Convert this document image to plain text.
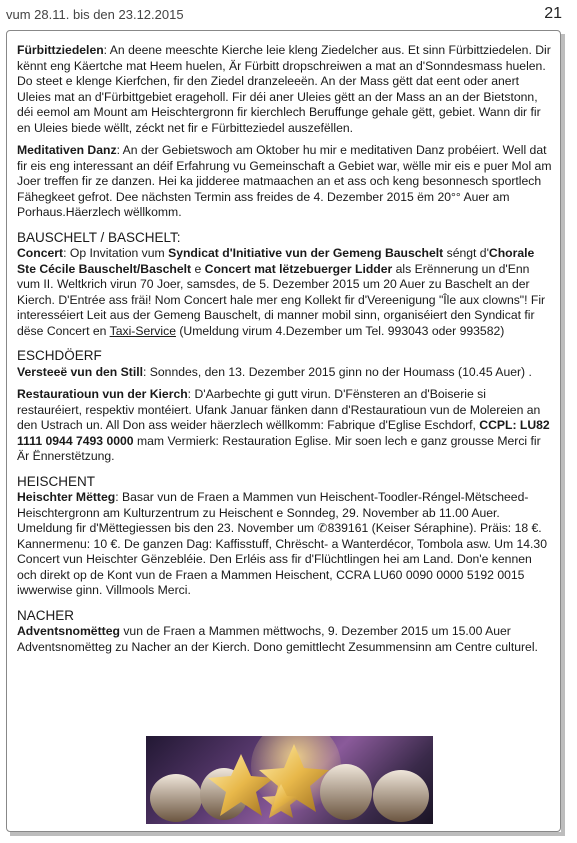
vum 28.11. bis den 23.12.2015	21

Fürbittziedelen: An deene meeschte Kierche leie kleng Ziedelcher aus. Et sinn Fürbittziedelen. Dir kënnt eng Käertche mat Heem huelen, Är Fürbitt dropschreiwen a mat an d'Sonndesmass huelen. Do steet e klenge Kierfchen, fir den Ziedel dranzeleeën. An der Mass gëtt dat eent oder anert Uleies mat an d'Fürbittgebiet erageholl. Fir déi aner Uleies gëtt an der Mass an an der Bietstonn, déi eemol am Mount am Heischtergronn fir kierchlech Beruffunge gehale gëtt, gebiet. Wann dir fir en Uleies biede wëllt, zéckt net fir e Fürbitteziedel auszefëllen.

Meditativen Danz: An der Gebietswoch am Oktober hu mir e meditativen Danz probéiert. Well dat fir eis eng interessant an déif Erfahrung vu Gemeinschaft a Gebiet war, wëlle mir eis e puer Mol am Joer treffen fir ze danzen. Hei ka jidderee matmaachen an et ass och keng besonnesch sportlech Fähegkeet gefrot. Dee nächsten Termin ass freides de 4. Dezember 2015 ëm 20°° Auer am Porhaus.Häerzlech wëllkomm.

BAUSCHELT / BASCHELT:

Concert: Op Invitation vum Syndicat d'Initiative vun der Gemeng Bauschelt séngt d'Chorale Ste Cécile Bauschelt/Baschelt e Concert mat lëtzebuerger Lidder als Erënnerung un d'Enn vum II. Weltkrich virun 70 Joer, samsdes, de 5. Dezember 2015 um 20 Auer zu Baschelt an der Kierch. D'Entrée ass fräi! Nom Concert hale mer eng Kollekt fir d'Vereenigung "Île aux clowns"! Fir interesséiert Leit aus der Gemeng Bauschelt, di manner mobil sinn, organiséiert den Syndicat fir dëse Concert en Taxi-Service (Umeldung virum 4.Dezember um Tel. 993043 oder 993582)

ESCHDÖERF

Versteeë vun den Still: Sonndes, den 13. Dezember 2015 ginn no der Houmass (10.45 Auer) .

Restauratioun vun der Kierch: D'Aarbechte gi gutt virun. D'Fënsteren an d'Boiserie si restauréiert, respektiv montéiert. Ufank Januar fänken dann d'Restauratioun vun de Molereien an den Ustrach un. All Don ass weider häerzlech wëllkomm: Fabrique d'Eglise Eschdorf, CCPL: LU82 1111 0944 7493 0000 mam Vermierk: Restauration Eglise. Mir soen lech e ganz grousse Merci fir Är Ënnerstëtzung.

HEISCHENT

Heischter Mëtteg: Basar vun de Fraen a Mammen vun Heischent-Toodler-Réngel-Mëtscheed-Heischtergronn am Kulturzentrum zu Heischent e Sonndeg, 29. November ab 11.00 Auer. Umeldung fir d'Mëttegiessen bis den 23. November um ✆839161 (Keiser Séraphine). Präis: 18 €. Kannermenu: 10 €. De ganzen Dag: Kaffisstuff, Chrëscht- a Wanterdécor, Tombola asw. Um 14.30 Concert vun Heischter Gënzebléie. Den Erléis ass fir d'Flüchtlingen hei am Land. Don'e kennen och direkt op de Kont vun de Fraen a Mammen Heischent, CCRA LU60 0090 0000 5192 0015 iwwerwise ginn. Villmools Merci.

NACHER

Adventsnomëtteg vun de Fraen a Mammen mëttwochs, 9. Dezember 2015 um 15.00 Auer
Adventsnomëtteg zu Nacher an der Kierch. Dono gemittlecht Zesummensinn am Centre culturel.
